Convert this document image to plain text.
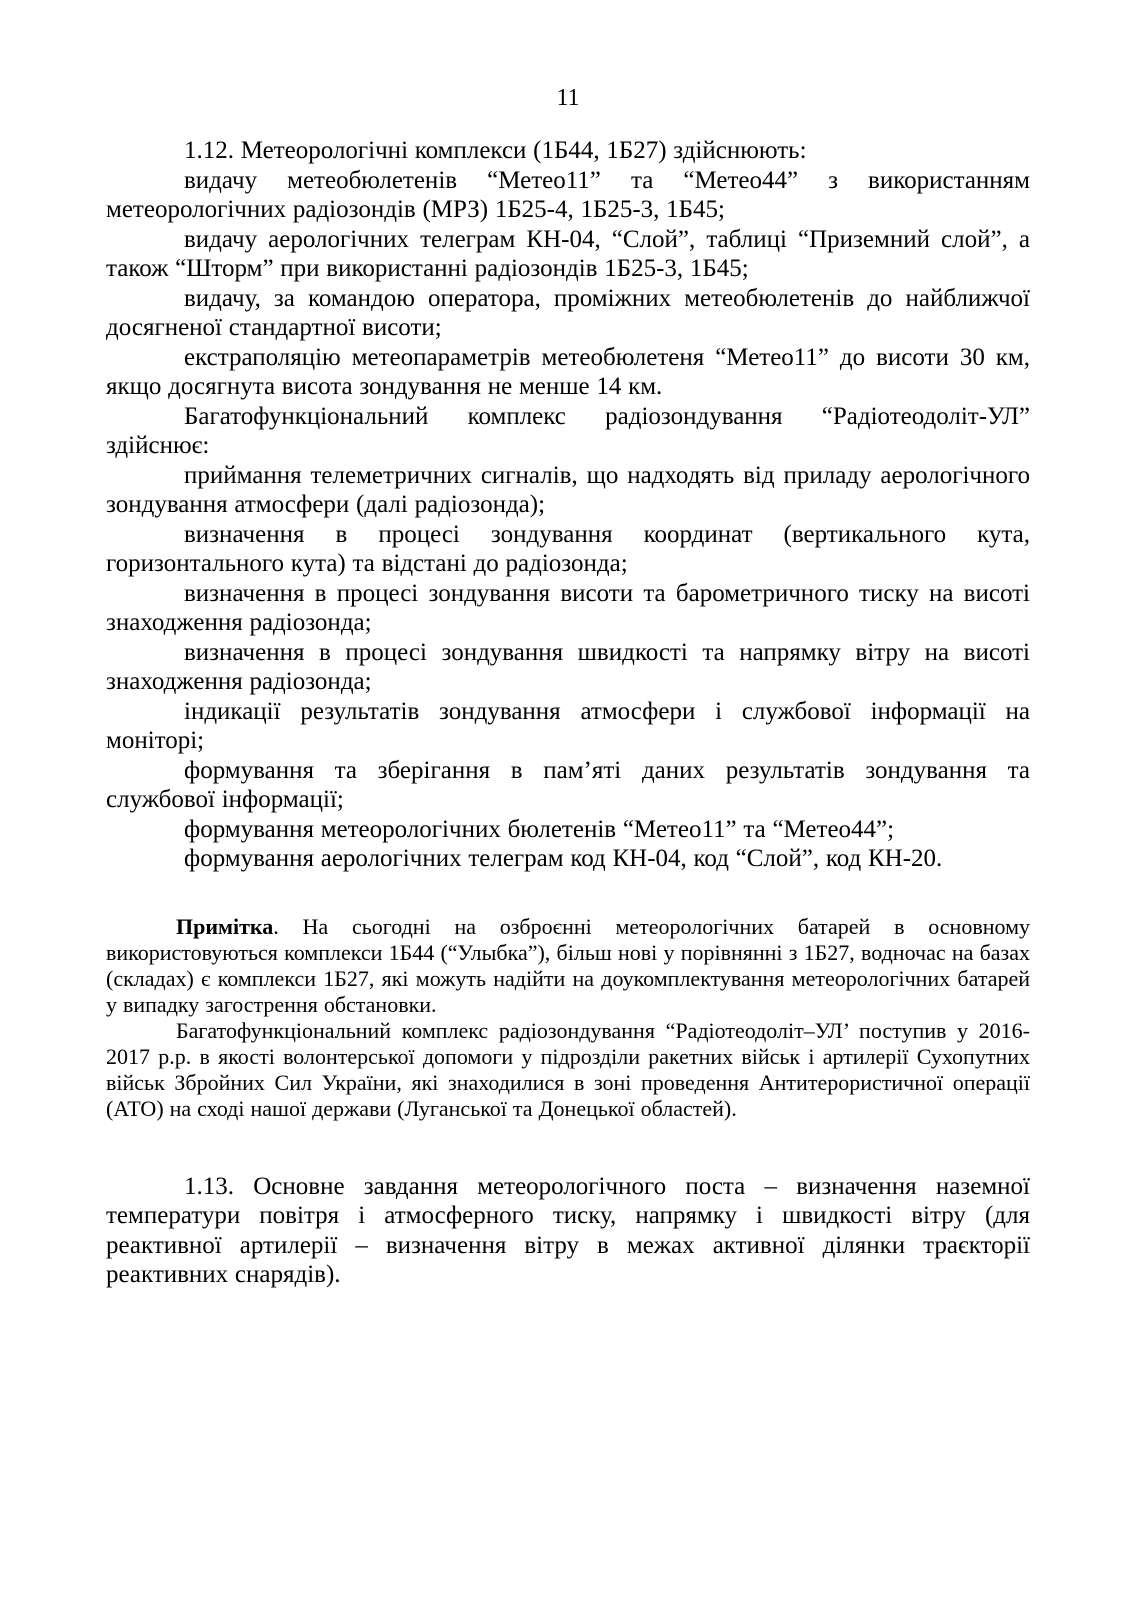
11

1.12. Метеорологічні комплекси (1Б44, 1Б27) здійснюють:

видачу метеобюлетенів “Метео11” та “Метео44” з використанням метеорологічних радіозондів (МРЗ) 1Б25-4, 1Б25-3, 1Б45;

видачу аерологічних телеграм КН-04, “Слой”, таблиці “Приземний слой”, а також “Шторм” при використанні радіозондів 1Б25-3, 1Б45;

видачу, за командою оператора, проміжних метеобюлетенів до найближчої досягненої стандартної висоти;

екстраполяцію метеопараметрів метеобюлетеня “Метео11” до висоти 30 км, якщо досягнута висота зондування не менше 14 км.

Багатофункціональний комплекс радіозондування “Радіотеодоліт-УЛ” здійснює:

приймання телеметричних сигналів, що надходять від приладу аерологічного зондування атмосфери (далі радіозонда);

визначення в процесі зондування координат (вертикального кута, горизонтального кута) та відстані до радіозонда;

визначення в процесі зондування висоти та барометричного тиску на висоті знаходження радіозонда;

визначення в процесі зондування швидкості та напрямку вітру на висоті знаходження радіозонда;

індикації результатів зондування атмосфери і службової інформації на моніторі;

формування та зберігання в пам’яті даних результатів зондування та службової інформації;

формування метеорологічних бюлетенів “Метео11” та “Метео44”;

формування аерологічних телеграм код КН-04, код “Слой”, код КН-20.

Примітка. На сьогодні на озброєнні метеорологічних батарей в основному використовуються комплекси 1Б44 (“Улыбка”), більш нові у порівнянні з 1Б27, водночас на базах (складах) є комплекси 1Б27, які можуть надійти на доукомплектування метеорологічних батарей у випадку загострення обстановки.

Багатофункціональний комплекс радіозондування “Радіотеодоліт–УЛ’ поступив у 2016-2017 р.р. в якості волонтерської допомоги у підрозділи ракетних військ і артилерії Сухопутних військ Збройних Сил України, які знаходилися в зоні проведення Антитерористичної операції (АТО) на сході нашої держави (Луганської та Донецької областей).

1.13. Основне завдання метеорологічного поста – визначення наземної температури повітря і атмосферного тиску, напрямку і швидкості вітру (для реактивної артилерії – визначення вітру в межах активної ділянки траєкторії реактивних снарядів).
